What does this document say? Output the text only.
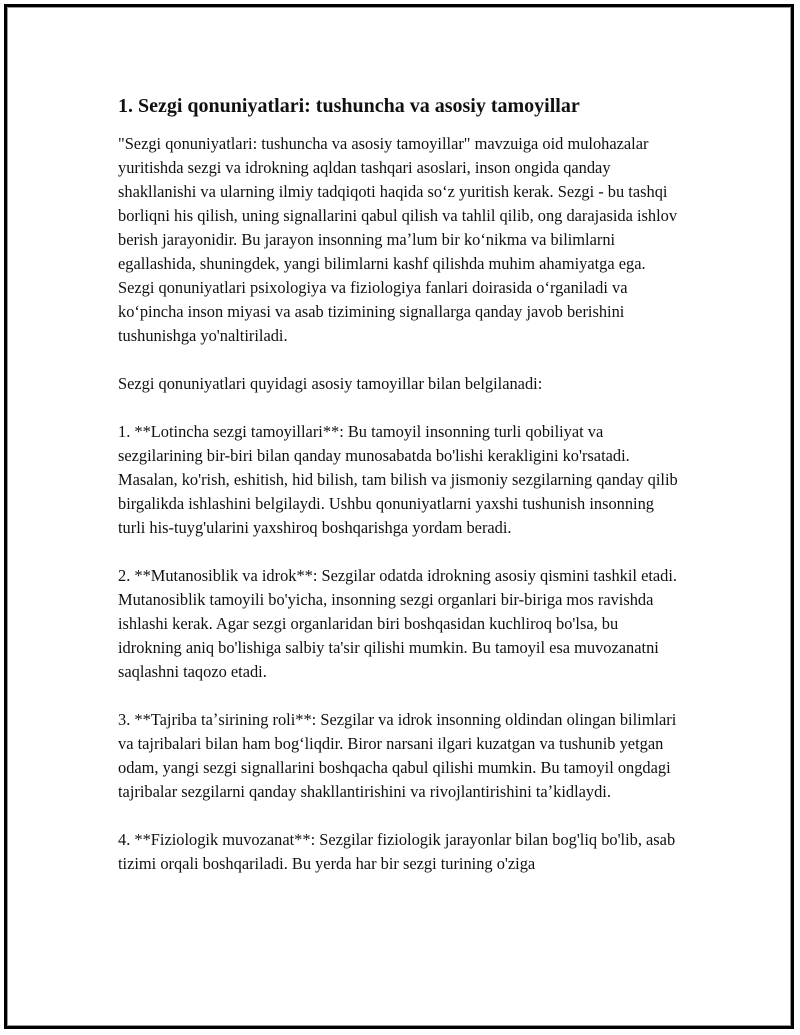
1. Sezgi qonuniyatlari: tushuncha va asosiy tamoyillar

"Sezgi qonuniyatlari: tushuncha va asosiy tamoyillar" mavzuiga oid mulohazalar yuritishda sezgi va idrokning aqldan tashqari asoslari, inson ongida qanday shakllanishi va ularning ilmiy tadqiqoti haqida soʻz yuritish kerak. Sezgi - bu tashqi borliqni his qilish, uning signallarini qabul qilish va tahlil qilib, ong darajasida ishlov berish jarayonidir. Bu jarayon insonning maʼlum bir koʻnikma va bilimlarni egallashida, shuningdek, yangi bilimlarni kashf qilishda muhim ahamiyatga ega. Sezgi qonuniyatlari psixologiya va fiziologiya fanlari doirasida oʻrganiladi va koʻpincha inson miyasi va asab tizimining signallarga qanday javob berishini tushunishga yo'naltiriladi.

Sezgi qonuniyatlari quyidagi asosiy tamoyillar bilan belgilanadi:

1. **Lotincha sezgi tamoyillari**: Bu tamoyil insonning turli qobiliyat va sezgilarining bir-biri bilan qanday munosabatda bo'lishi kerakligini ko'rsatadi. Masalan, ko'rish, eshitish, hid bilish, tam bilish va jismoniy sezgilarning qanday qilib birgalikda ishlashini belgilaydi. Ushbu qonuniyatlarni yaxshi tushunish insonning turli his-tuyg'ularini yaxshiroq boshqarishga yordam beradi.

2. **Mutanosiblik va idrok**: Sezgilar odatda idrokning asosiy qismini tashkil etadi. Mutanosiblik tamoyili bo'yicha, insonning sezgi organlari bir-biriga mos ravishda ishlashi kerak. Agar sezgi organlaridan biri boshqasidan kuchliroq bo'lsa, bu idrokning aniq bo'lishiga salbiy ta'sir qilishi mumkin. Bu tamoyil esa muvozanatni saqlashni taqozo etadi.

3. **Tajriba taʼsirining roli**: Sezgilar va idrok insonning oldindan olingan bilimlari va tajribalari bilan ham bogʻliqdir. Biror narsani ilgari kuzatgan va tushunib yetgan odam, yangi sezgi signallarini boshqacha qabul qilishi mumkin. Bu tamoyil ongdagi tajribalar sezgilarni qanday shakllantirishini va rivojlantirishini taʼkidlaydi.

4. **Fiziologik muvozanat**: Sezgilar fiziologik jarayonlar bilan bog'liq bo'lib, asab tizimi orqali boshqariladi. Bu yerda har bir sezgi turining o'ziga
